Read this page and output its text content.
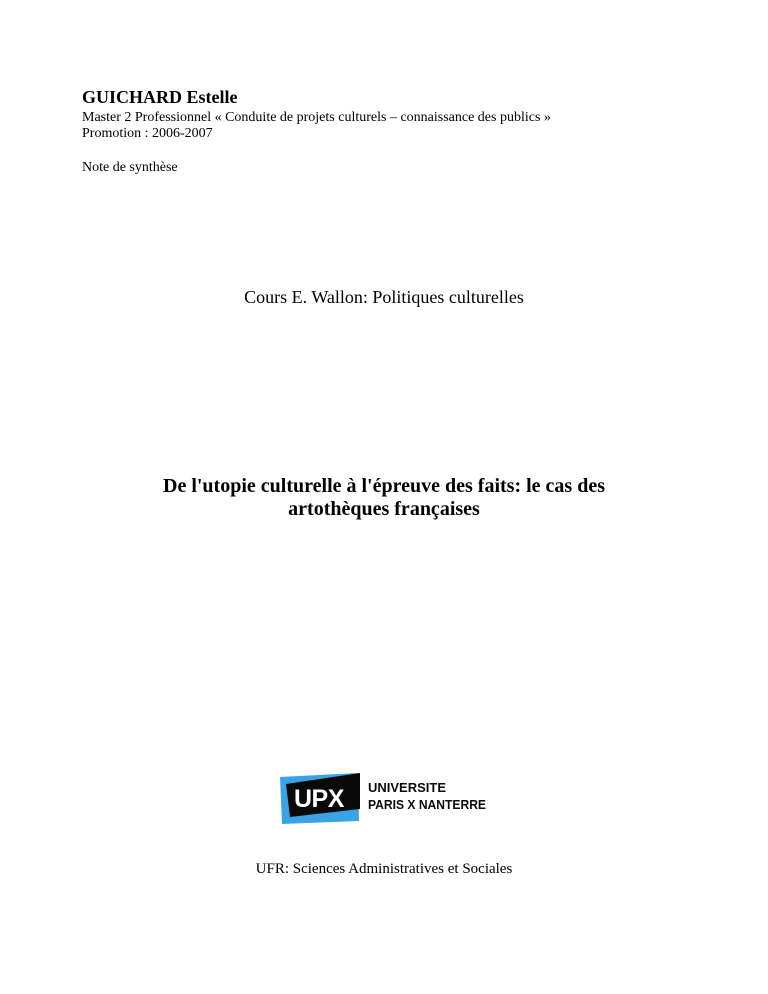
GUICHARD Estelle
Master 2 Professionnel « Conduite de projets culturels – connaissance des publics »
Promotion : 2006-2007
Note de synthèse
Cours E. Wallon: Politiques culturelles
De l'utopie culturelle à l'épreuve des faits: le cas des
artothèques françaises
UPX UNIVERSITE
PARIS X NANTERRE
UFR: Sciences Administratives et Sociales
